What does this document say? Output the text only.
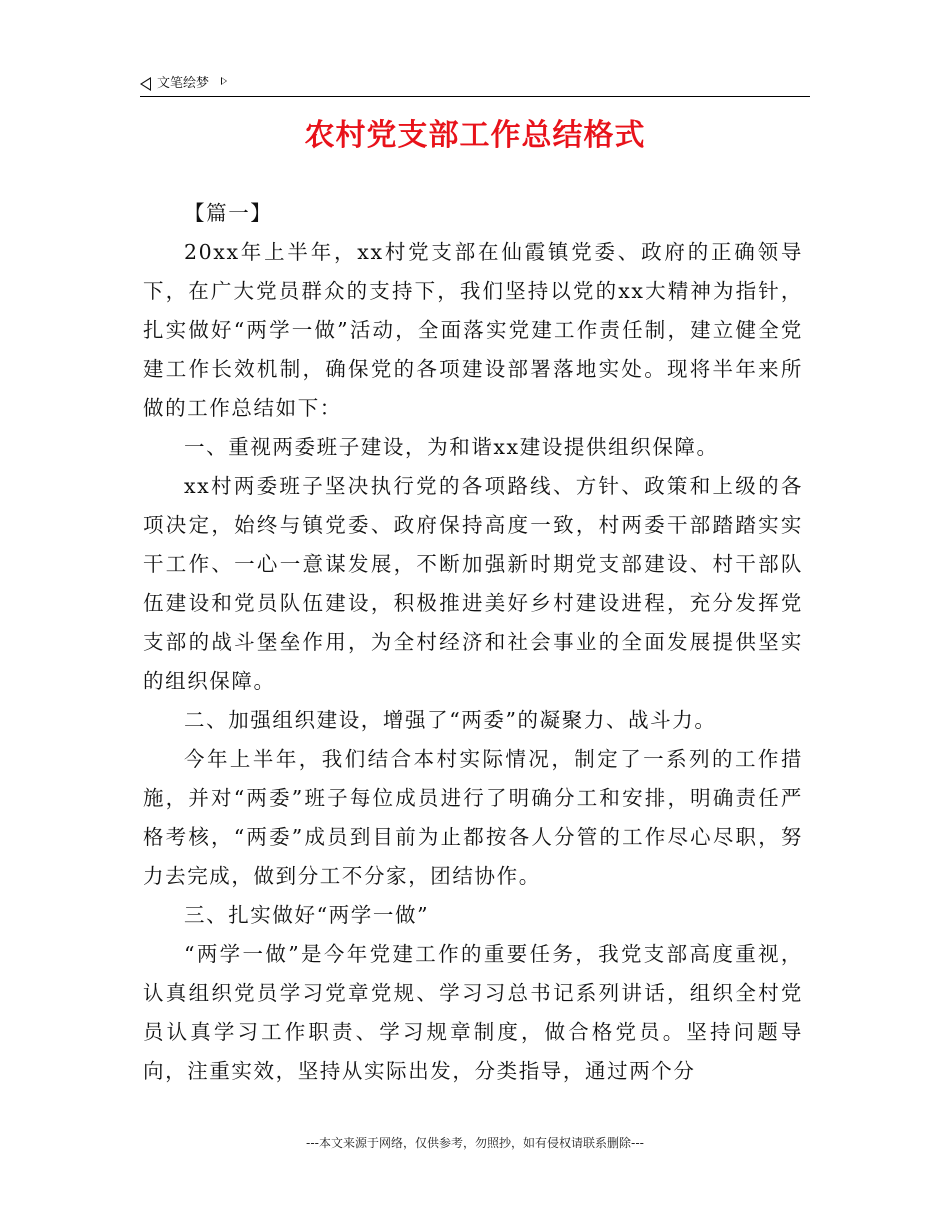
文笔绘梦
农村党支部工作总结格式

【篇一】

20xx年上半年，xx村党支部在仙霞镇党委、政府的正确领导下，在广大党员群众的支持下，我们坚持以党的xx大精神为指针，扎实做好“两学一做”活动，全面落实党建工作责任制，建立健全党建工作长效机制，确保党的各项建设部署落地实处。现将半年来所做的工作总结如下：

一、重视两委班子建设，为和谐xx建设提供组织保障。

xx村两委班子坚决执行党的各项路线、方针、政策和上级的各项决定，始终与镇党委、政府保持高度一致，村两委干部踏踏实实干工作、一心一意谋发展，不断加强新时期党支部建设、村干部队伍建设和党员队伍建设，积极推进美好乡村建设进程，充分发挥党支部的战斗堡垒作用，为全村经济和社会事业的全面发展提供坚实的组织保障。

二、加强组织建设，增强了“两委”的凝聚力、战斗力。

今年上半年，我们结合本村实际情况，制定了一系列的工作措施，并对“两委”班子每位成员进行了明确分工和安排，明确责任严格考核，“两委”成员到目前为止都按各人分管的工作尽心尽职，努力去完成，做到分工不分家，团结协作。

三、扎实做好“两学一做”

“两学一做”是今年党建工作的重要任务，我党支部高度重视，认真组织党员学习党章党规、学习习总书记系列讲话，组织全村党员认真学习工作职责、学习规章制度，做合格党员。坚持问题导向，注重实效，坚持从实际出发，分类指导，通过两个分

---本文来源于网络，仅供参考，勿照抄，如有侵权请联系删除---
